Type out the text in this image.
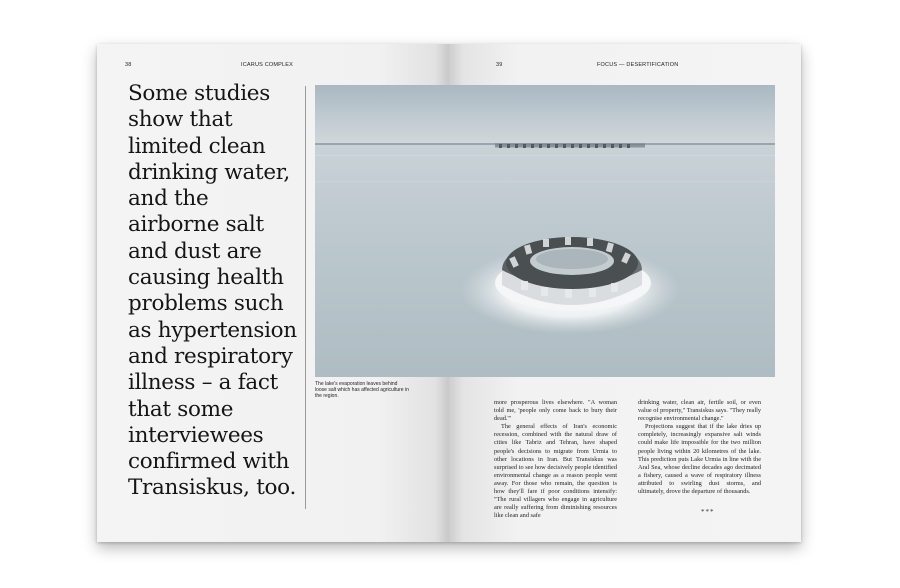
38	ICARUS COMPLEX

Some studies show that limited clean drinking water, and the airborne salt and dust are causing health problems such as hypertension and respiratory illness – a fact that some interviewees confirmed with Transiskus, too.

39	FOCUS — DESERTIFICATION
The lake's evaporation leaves behind loose salt which has affected agriculture in the region.

more prosperous lives elsewhere. "A woman told me, 'people only come back to bury their dead.'"

The general effects of Iran's economic recession, combined with the natural draw of cities like Tabriz and Tehran, have shaped people's decisions to migrate from Urmia to other locations in Iran. But Transiskus was surprised to see how decisively people identified environmental change as a reason people went away. For those who remain, the question is how they'll fare if poor conditions intensify: "The rural villagers who engage in agriculture are really suffering from diminishing resources like clean and safe

drinking water, clean air, fertile soil, or even value of property," Transiskus says. "They really recognise environmental change."

Projections suggest that if the lake dries up completely, increasingly expansive salt winds could make life impossible for the two million people living within 20 kilometres of the lake. This prediction puts Lake Urmia in line with the Aral Sea, whose decline decades ago decimated a fishery, caused a wave of respiratory illness attributed to swirling dust storms, and ultimately, drove the departure of thousands.

***
